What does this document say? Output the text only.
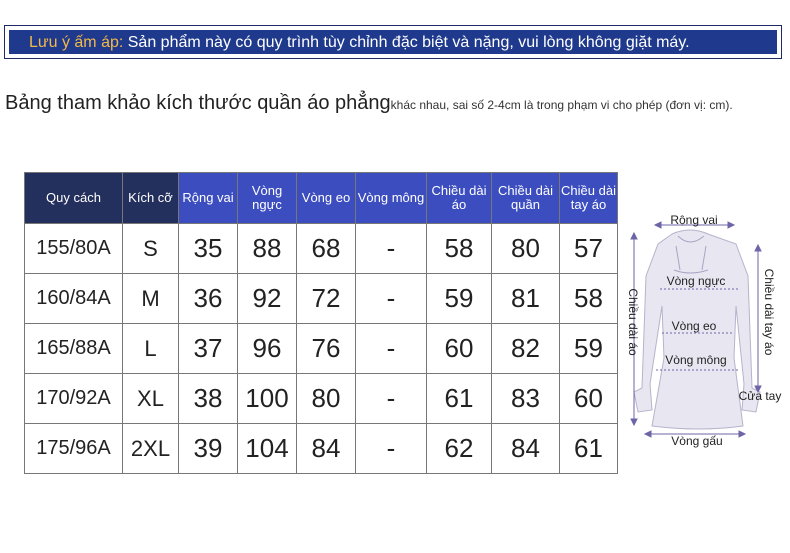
Lưu ý ấm áp: Sản phẩm này có quy trình tùy chỉnh đặc biệt và nặng, vui lòng không giặt máy.
Bảng tham khảo kích thước quần áo phẳngkhác nhau, sai số 2-4cm là trong phạm vi cho phép (đơn vị: cm).
Quy cách	Kích cỡ	Rộng vai	Vòng ngực	Vòng eo	Vòng mông	Chiều dài áo	Chiều dài quần	Chiều dài tay áo
155/80A	S	35	88	68	-	58	80	57
160/84A	M	36	92	72	-	59	81	58
165/88A	L	37	96	76	-	60	82	59
170/92A	XL	38	100	80	-	61	83	60
175/96A	2XL	39	104	84	-	62	84	61
Rộng vai
Vòng ngực
Vòng eo
Vòng mông
Cửa tay
Vòng gấu
Chiều dài áo	Chiều dài tay áo
